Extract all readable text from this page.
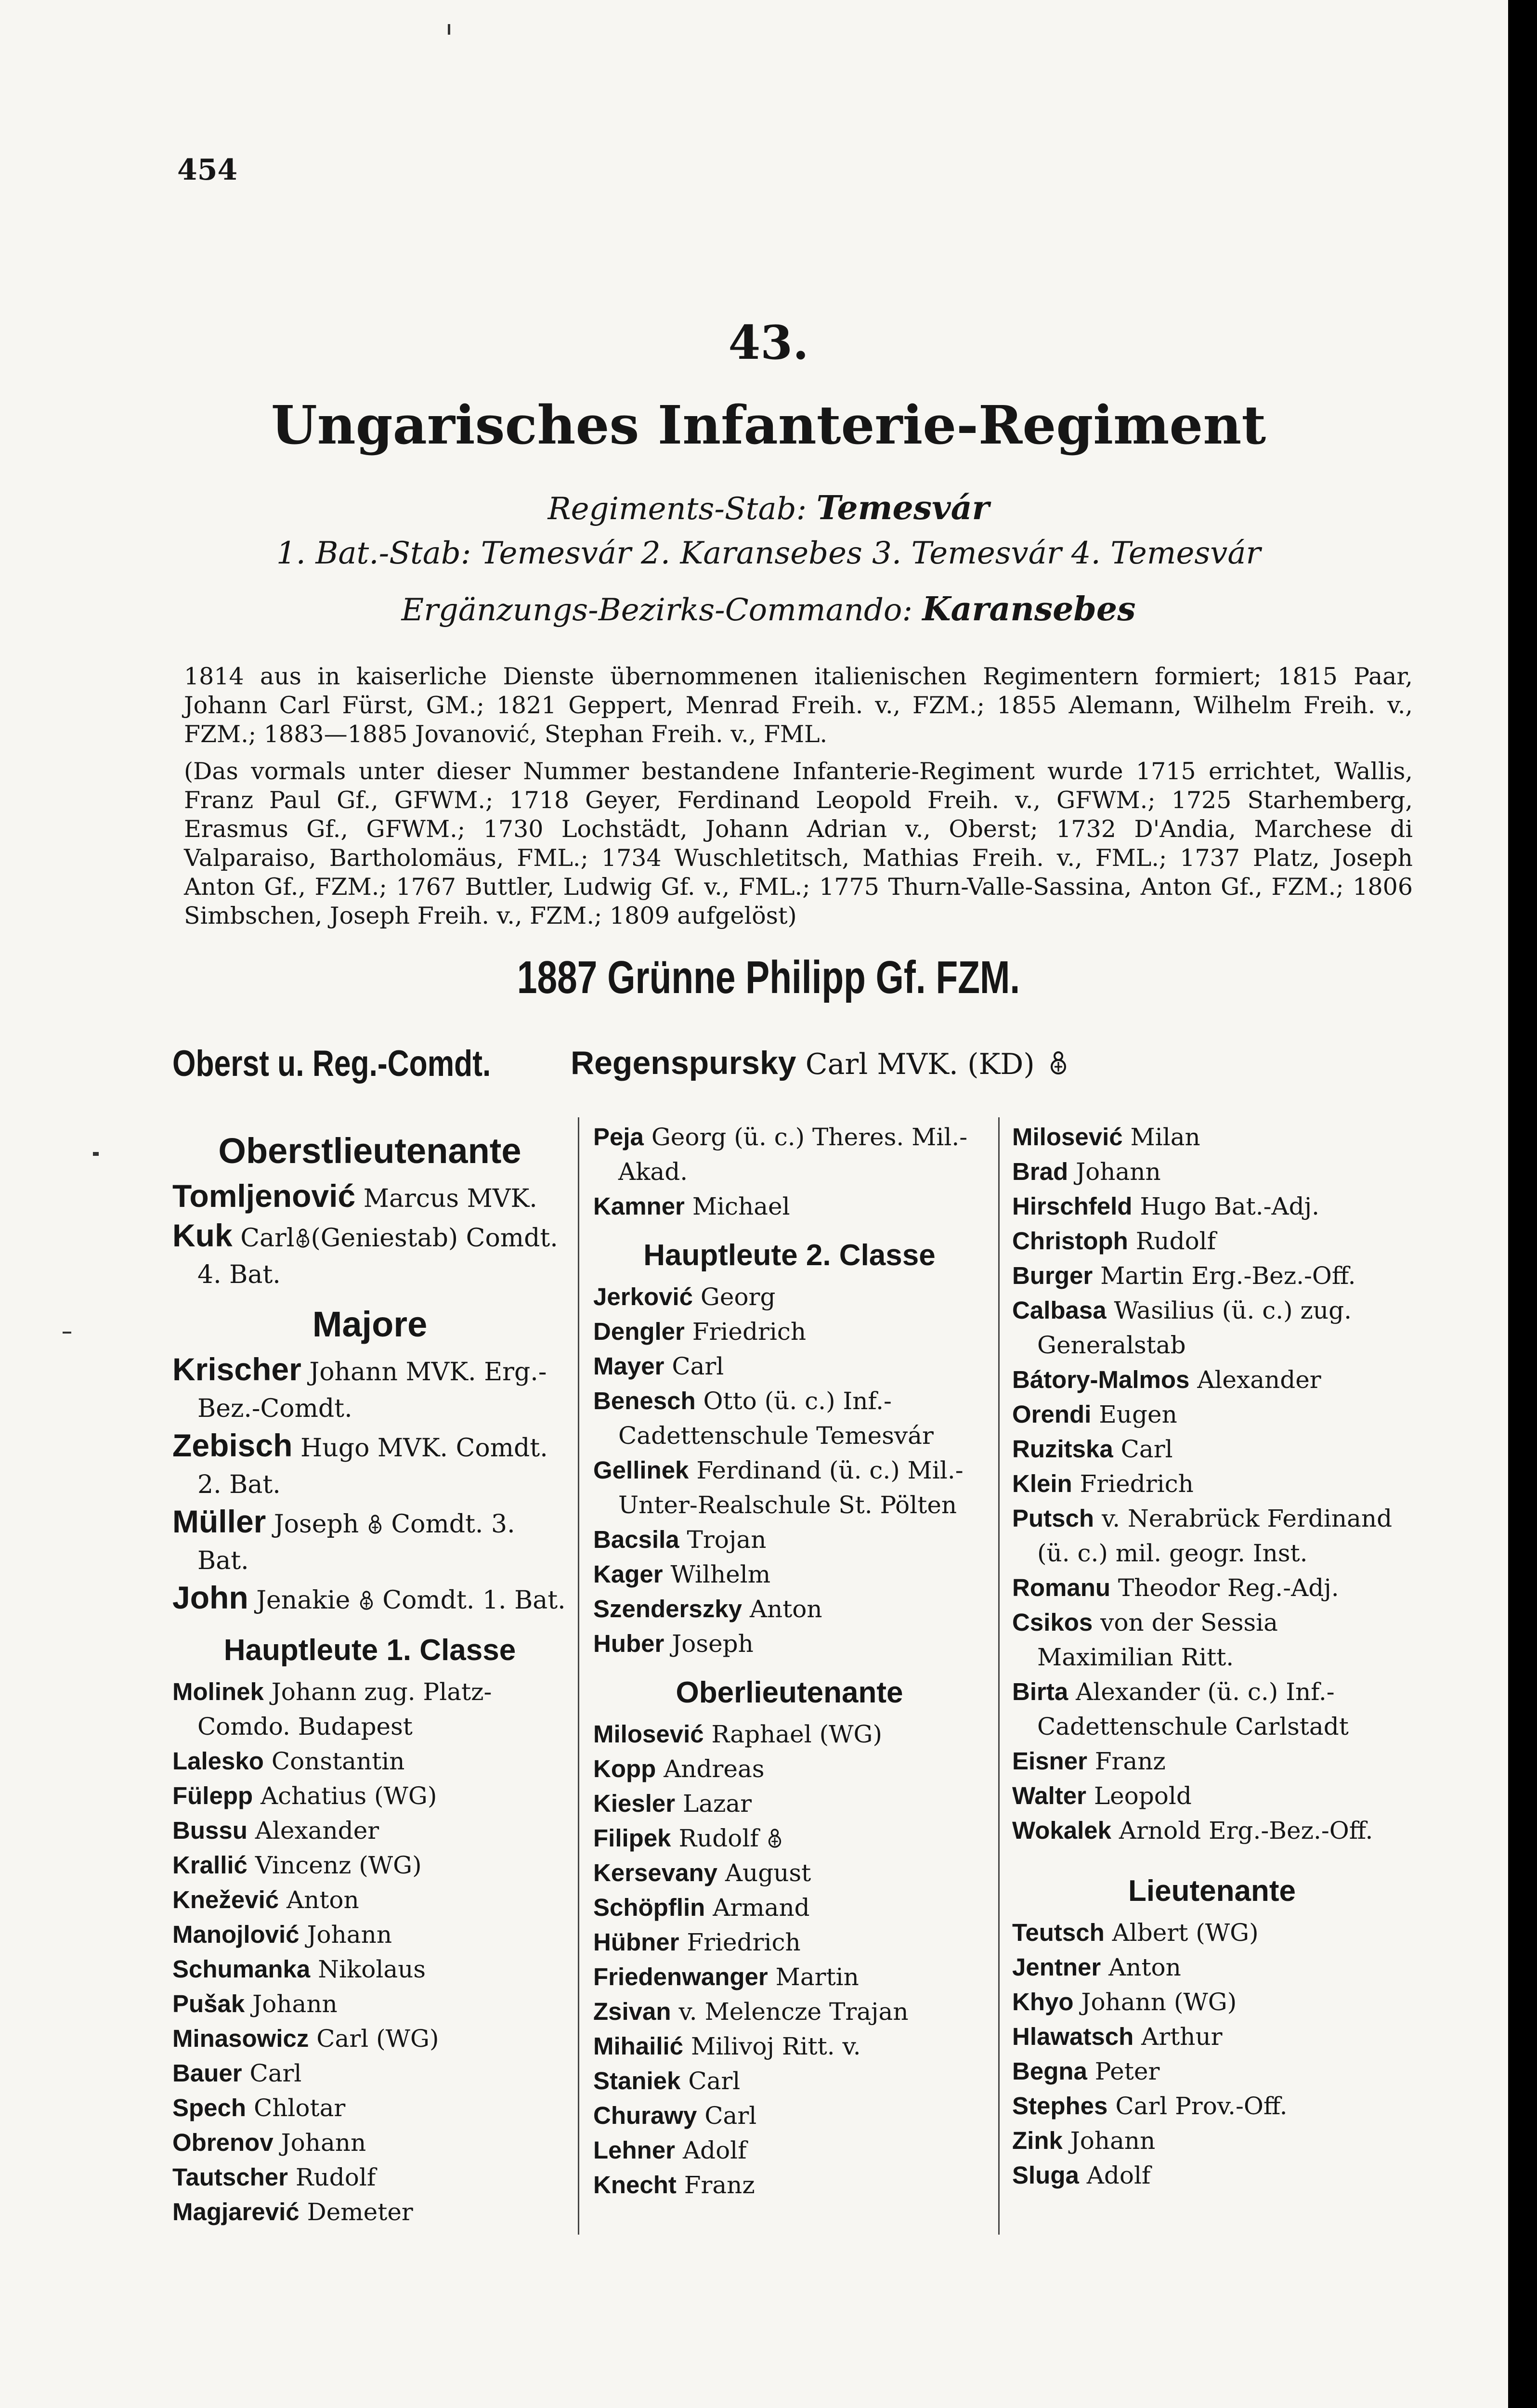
454
43.
Ungarisches Infanterie-Regiment
Regiments-Stab: Temesvár
1. Bat.-Stab: Temesvár 2. Karansebes 3. Temesvár 4. Temesvár
Ergänzungs-Bezirks-Commando: Karansebes
1814 aus in kaiserliche Dienste übernommenen italienischen Regimentern formiert; 1815 Paar, Johann Carl Fürst, GM.; 1821 Geppert, Menrad Freih. v., FZM.; 1855 Alemann, Wilhelm Freih. v., FZM.; 1883—1885 Jovanović, Stephan Freih. v., FML.
(Das vormals unter dieser Nummer bestandene Infanterie-Regiment wurde 1715 errichtet, Wallis, Franz Paul Gf., GFWM.; 1718 Geyer, Ferdinand Leopold Freih. v., GFWM.; 1725 Starhemberg, Erasmus Gf., GFWM.; 1730 Lochstädt, Johann Adrian v., Oberst; 1732 D'Andia, Marchese di Valparaiso, Bartholomäus, FML.; 1734 Wuschletitsch, Mathias Freih. v., FML.; 1737 Platz, Joseph Anton Gf., FZM.; 1767 Buttler, Ludwig Gf. v., FML.; 1775 Thurn-Valle-Sassina, Anton Gf., FZM.; 1806 Simbschen, Joseph Freih. v., FZM.; 1809 aufgelöst)
1887 Grünne Philipp Gf. FZM.
Oberst u. Reg.-Comdt. Regenspursky Carl MVK. (KD)
Oberstlieutenante
Tomljenović Marcus MVK.
Kuk Carl (Geniestab) Comdt. 4. Bat.
Majore
Krischer Johann MVK. Erg.-Bez.-Comdt.
Zebisch Hugo MVK. Comdt. 2. Bat.
Müller Joseph Comdt. 3. Bat.
John Jenakie Comdt. 1. Bat.
Hauptleute 1. Classe
Molinek Johann zug. Platz-Comdo. Budapest
Lalesko Constantin
Fülepp Achatius (WG)
Bussu Alexander
Krallić Vincenz (WG)
Knežević Anton
Manojlović Johann
Schumanka Nikolaus
Pušak Johann
Minasowicz Carl (WG)
Bauer Carl
Spech Chlotar
Obrenov Johann
Tautscher Rudolf
Magjarević Demeter
Peja Georg (ü. c.) Theres. Mil.-Akad.
Kamner Michael
Hauptleute 2. Classe
Jerković Georg
Dengler Friedrich
Mayer Carl
Benesch Otto (ü. c.) Inf.-Cadettenschule Temesvár
Gellinek Ferdinand (ü. c.) Mil.-Unter-Realschule St. Pölten
Bacsila Trojan
Kager Wilhelm
Szenderszky Anton
Huber Joseph
Oberlieutenante
Milosević Raphael (WG)
Kopp Andreas
Kiesler Lazar
Filipek Rudolf
Kersevany August
Schöpflin Armand
Hübner Friedrich
Friedenwanger Martin
Zsivan v. Melencze Trajan
Mihailić Milivoj Ritt. v.
Staniek Carl
Churawy Carl
Lehner Adolf
Knecht Franz
Milosević Milan
Brad Johann
Hirschfeld Hugo Bat.-Adj.
Christoph Rudolf
Burger Martin Erg.-Bez.-Off.
Calbasa Wasilius (ü. c.) zug. Generalstab
Bátory-Malmos Alexander
Orendi Eugen
Ruzitska Carl
Klein Friedrich
Putsch v. Nerabrück Ferdinand (ü. c.) mil. geogr. Inst.
Romanu Theodor Reg.-Adj.
Csikos von der Sessia Maximilian Ritt.
Birta Alexander (ü. c.) Inf.-Cadettenschule Carlstadt
Eisner Franz
Walter Leopold
Wokalek Arnold Erg.-Bez.-Off.
Lieutenante
Teutsch Albert (WG)
Jentner Anton
Khyo Johann (WG)
Hlawatsch Arthur
Begna Peter
Stephes Carl Prov.-Off.
Zink Johann
Sluga Adolf
